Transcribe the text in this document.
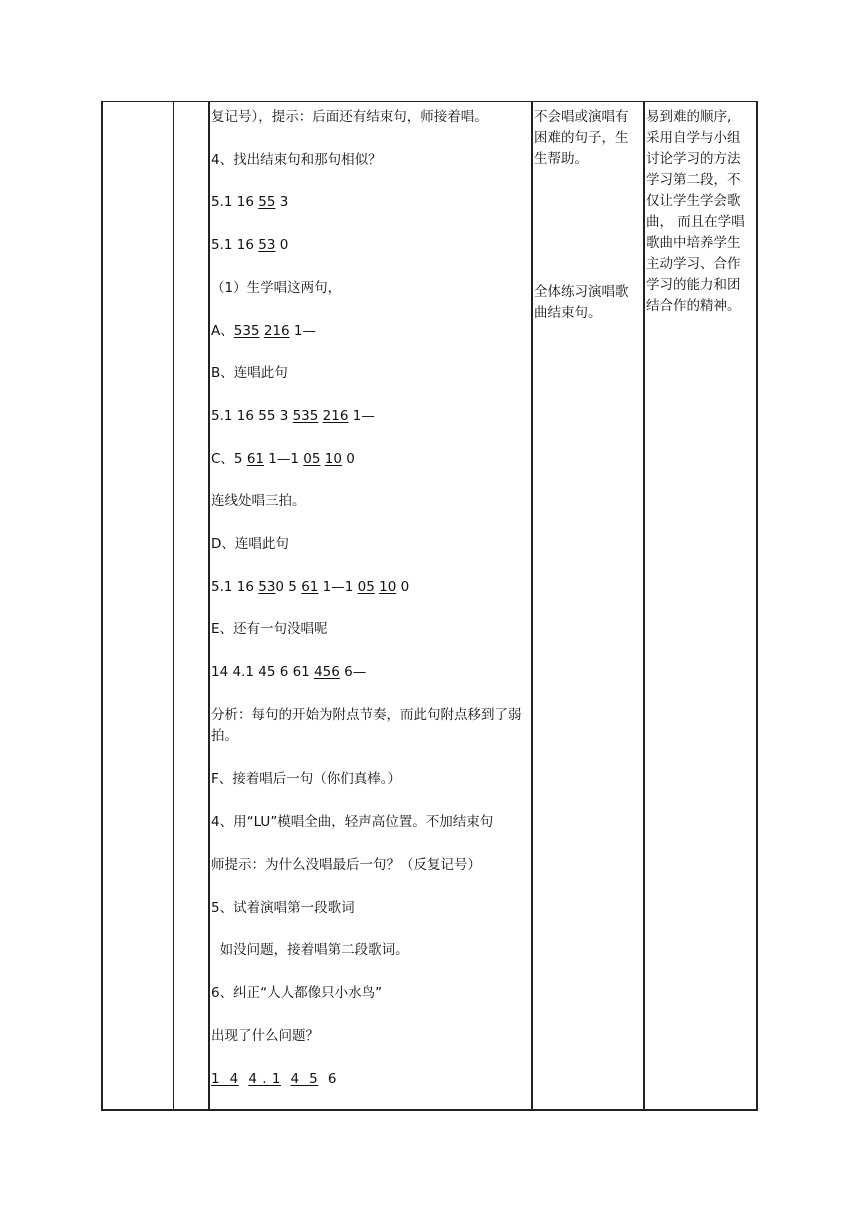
复记号），提示：后面还有结束句，师接着唱。
4、找出结束句和那句相似？
5.1 16 55 3
5.1 16 53 0
（1）生学唱这两句，
A、535 216 1—
B、连唱此句
5.1 16 55 3 535 216 1—
C、5 61 1—1 05 10 0
连线处唱三拍。
D、连唱此句
5.1 16 530 5 61 1—1 05 10 0
E、还有一句没唱呢
14 4.1 45 6 61 456 6—
分析：每句的开始为附点节奏，而此句附点移到了弱拍。
F、接着唱后一句（你们真棒。）
4、用“LU”模唱全曲，轻声高位置。不加结束句
师提示：为什么没唱最后一句？（反复记号）
5、试着演唱第一段歌词
如没问题，接着唱第二段歌词。
6、纠正“人人都像只小水鸟”
出现了什么问题？
1  4 4 . 1 4  5  6
不会唱或演唱有
困难的句子，生
生帮助。
全体练习演唱歌
曲结束句。
易到难的顺序,
采用自学与小组
讨论学习的方法
学习第二段，不
仅让学生学会歌
曲， 而且在学唱
歌曲中培养学生
主动学习、合作
学习的能力和团
结合作的精神。
